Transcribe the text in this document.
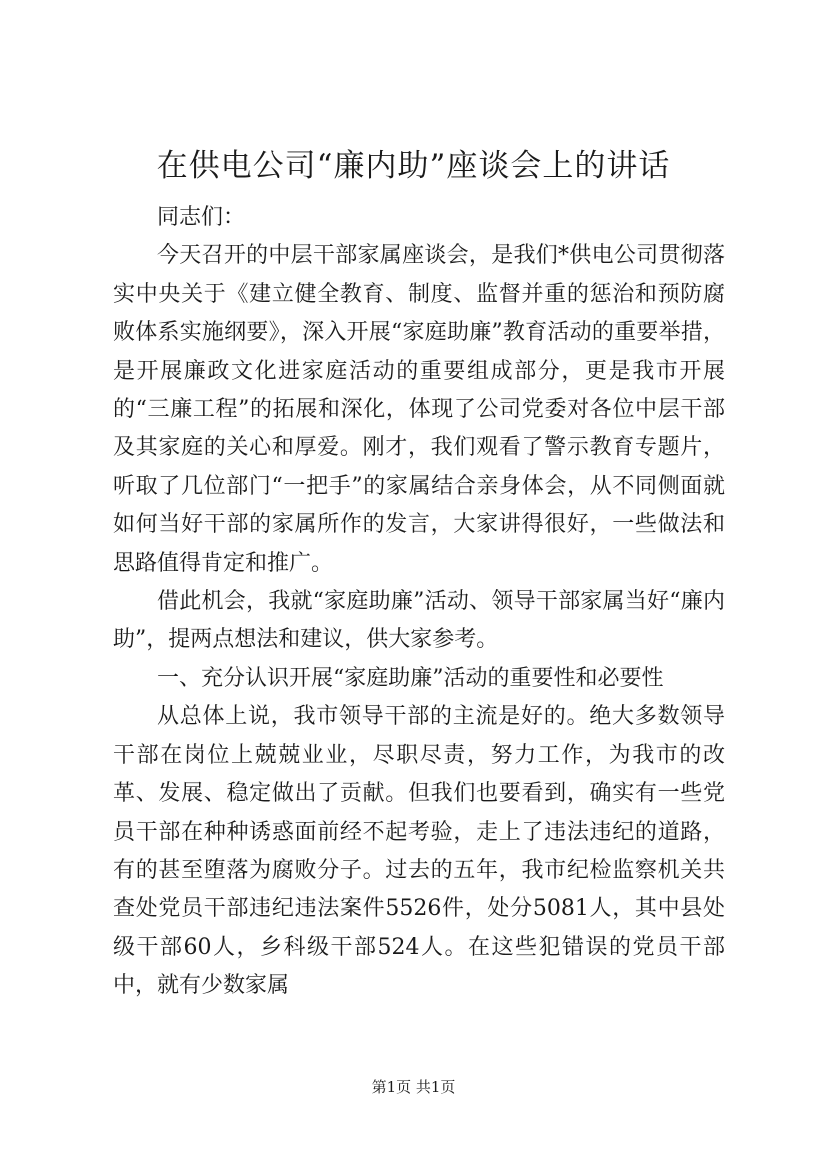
在供电公司“廉内助”座谈会上的讲话

同志们：

今天召开的中层干部家属座谈会，是我们*供电公司贯彻落实中央关于《建立健全教育、制度、监督并重的惩治和预防腐败体系实施纲要》，深入开展“家庭助廉”教育活动的重要举措，是开展廉政文化进家庭活动的重要组成部分，更是我市开展的“三廉工程”的拓展和深化，体现了公司党委对各位中层干部及其家庭的关心和厚爱。刚才，我们观看了警示教育专题片，听取了几位部门“一把手”的家属结合亲身体会，从不同侧面就如何当好干部的家属所作的发言，大家讲得很好，一些做法和思路值得肯定和推广。

借此机会，我就“家庭助廉”活动、领导干部家属当好“廉内助”，提两点想法和建议，供大家参考。

一、充分认识开展“家庭助廉”活动的重要性和必要性

从总体上说，我市领导干部的主流是好的。绝大多数领导干部在岗位上兢兢业业，尽职尽责，努力工作，为我市的改革、发展、稳定做出了贡献。但我们也要看到，确实有一些党员干部在种种诱惑面前经不起考验，走上了违法违纪的道路，有的甚至堕落为腐败分子。过去的五年，我市纪检监察机关共查处党员干部违纪违法案件5526件，处分5081人，其中县处级干部60人，乡科级干部524人。在这些犯错误的党员干部中，就有少数家属

第1页 共1页
